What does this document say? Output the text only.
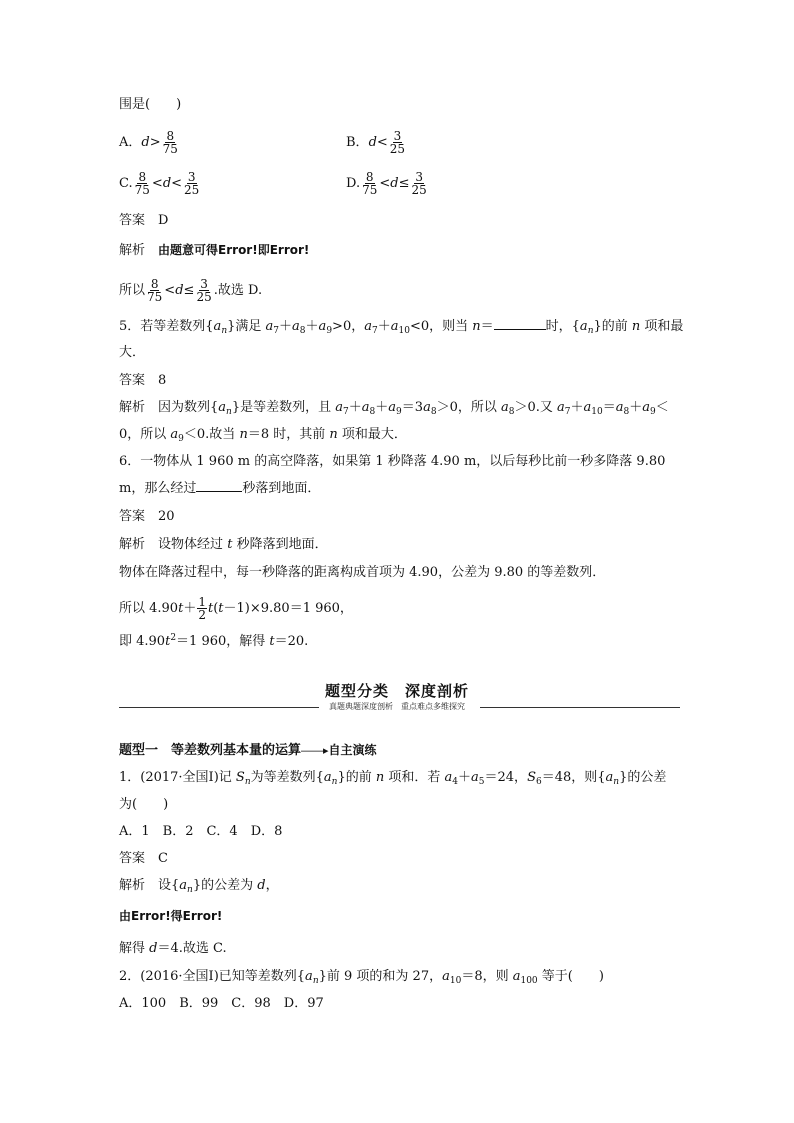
围是(　　)
A．$d> \frac{8}{75}$	B．$d< \frac{3}{25}$
C. $\frac{8}{75} <d< \frac{3}{25}$	D. $\frac{8}{75} <d\le \frac{3}{25}$
答案　 D
解析　 由题意可得Error!即Error!
所以 $\frac{8}{75} <d\le \frac{3}{25}$ .故选 D.
5．若等差数列$\{a_n\}$满足 $a_7+a_8+a_9>0$，$a_7+a_{10}<0$，则当 n＝	时，$\{a_n\}$的前 n 项和最
大．
答案　 8
解析　因为数列$\{a_n\}$是等差数列，且 $a_7+a_8+a_9=3a_8>0$，所以 $a_8>0$.又 $a_7+a_{10}=a_8+a_9<$
0，所以 $a_9<0$.故当 n＝8 时，其前 n 项和最大．
6．一物体从 1 960 m 的高空降落，如果第 1 秒降落 4.90 m，以后每秒比前一秒多降落 9.80
m，那么经过	秒落到地面．
答案　 20
解析　 设物体经过 t 秒降落到地面．
物体在降落过程中，每一秒降落的距离构成首项为 4.90，公差为 9.80 的等差数列．
所以 $4.90t+ \frac{1}{2} t(t-1)\times 9.80=1$ 960，
即 $4.90t^2=1$ 960，解得 t＝20.
题型分类　深度剖析
真题典题深度剖析　重点难点多维探究
题型一　等差数列基本量的运算――▸自主演练
1．(2017·全国Ⅰ)记 $S_n$为等差数列$\{a_n\}$的前 n 项和．若 $a_4+a_5=24$，$S_6=48$，则$\{a_n\}$的公差
为(　　)
A．1　B．2　C．4　D．8
答案　 C
解析　设$\{a_n\}$的公差为 d，
由Error!得Error!
解得 d＝4.故选 C.
2．(2016·全国Ⅰ)已知等差数列$\{a_n\}$前 9 项的和为 27，$a_{10}=8$，则 $a_{100}$ 等于(　　)
A．100　B．99　C．98　D．97
